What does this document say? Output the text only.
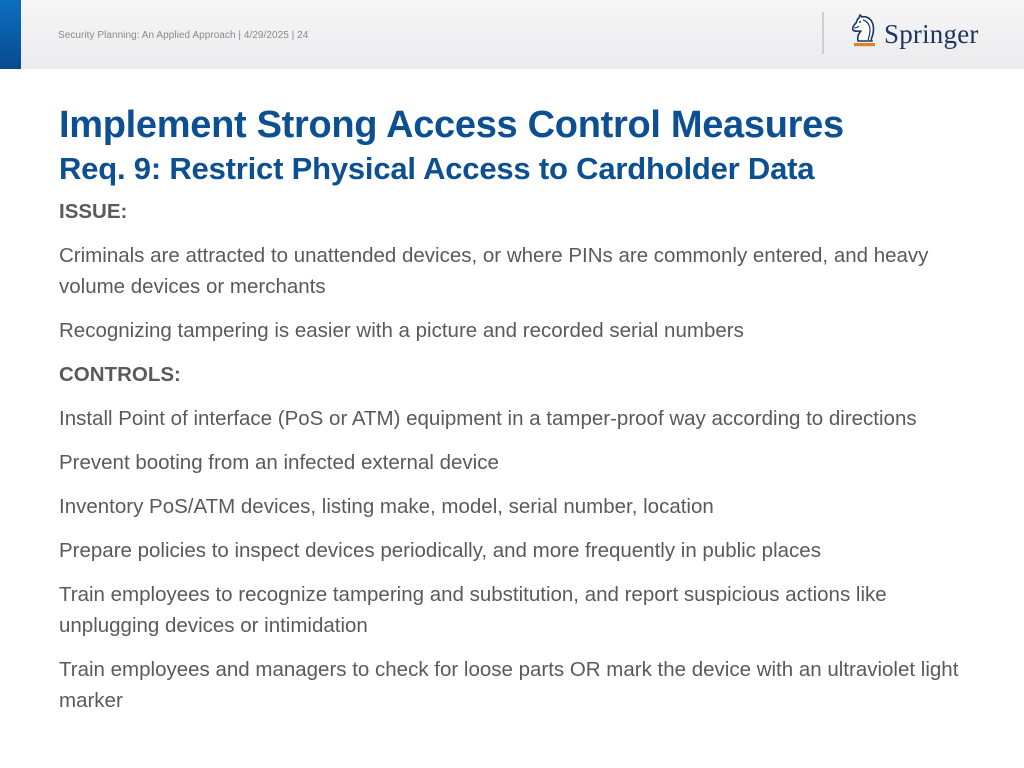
Security Planning: An Applied Approach | 4/29/2025 | 24	Springer
Implement Strong Access Control Measures
Req. 9: Restrict Physical Access to Cardholder Data
ISSUE:
Criminals are attracted to unattended devices, or where PINs are commonly entered, and heavy volume devices or merchants
Recognizing tampering is easier with a picture and recorded serial numbers
CONTROLS:
Install Point of interface (PoS or ATM) equipment in a tamper-proof way according to directions
Prevent booting from an infected external device
Inventory PoS/ATM devices, listing make, model, serial number, location
Prepare policies to inspect devices periodically, and more frequently in public places
Train employees to recognize tampering and substitution, and report suspicious actions like unplugging devices or intimidation
Train employees and managers to check for loose parts OR mark the device with an ultraviolet light marker
